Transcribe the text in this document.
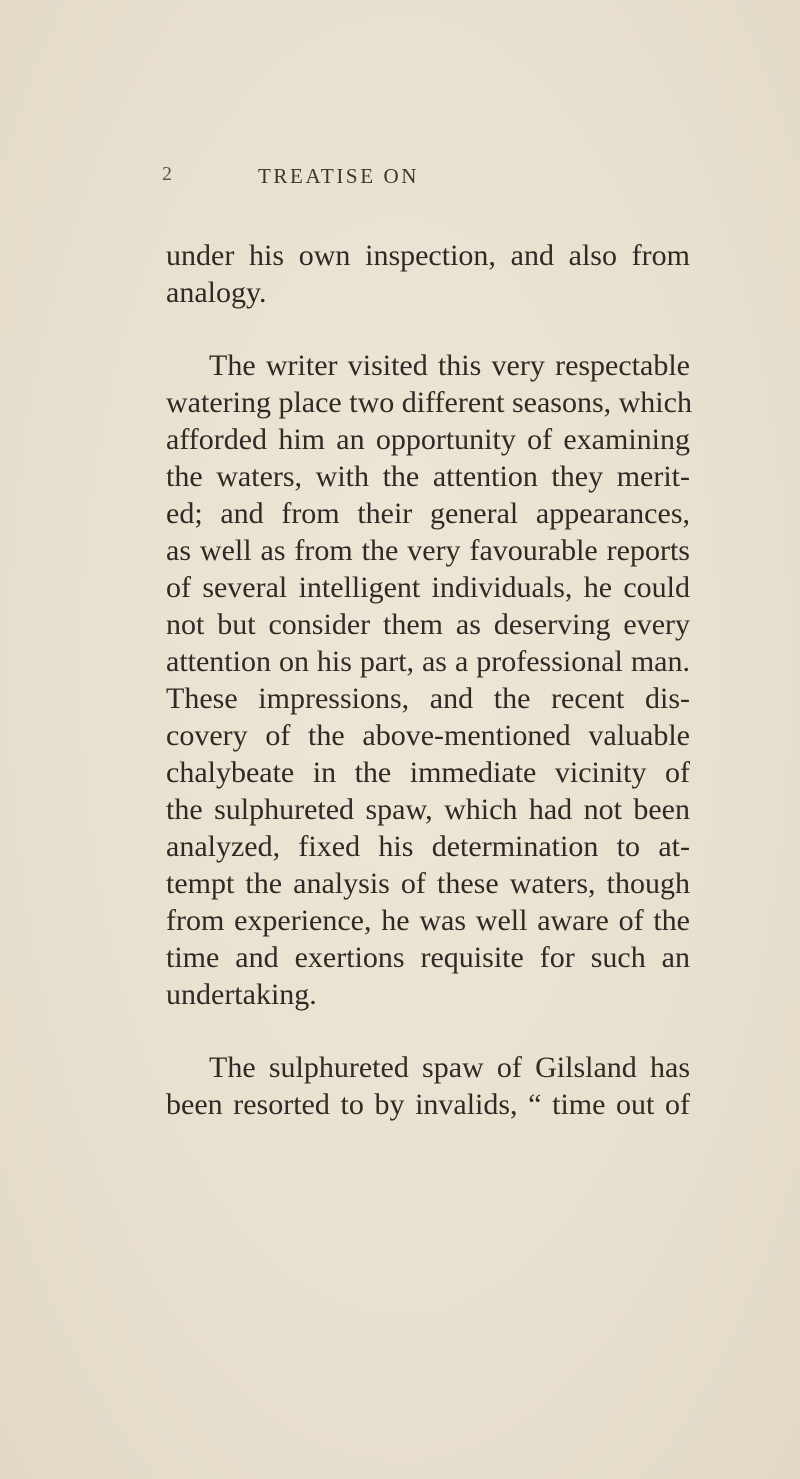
2	TREATISE ON
under his own inspection, and also from
analogy.
The writer visited this very respectable
watering place two different seasons, which
afforded him an opportunity of examining
the waters, with the attention they merit-
ed; and from their general appearances,
as well as from the very favourable reports
of several intelligent individuals, he could
not but consider them as deserving every
attention on his part, as a professional man.
These impressions, and the recent dis-
covery of the above-mentioned valuable
chalybeate in the immediate vicinity of
the sulphureted spaw, which had not been
analyzed, fixed his determination to at-
tempt the analysis of these waters, though
from experience, he was well aware of the
time and exertions requisite for such an
undertaking.
The sulphureted spaw of Gilsland has
been resorted to by invalids, “ time out of
